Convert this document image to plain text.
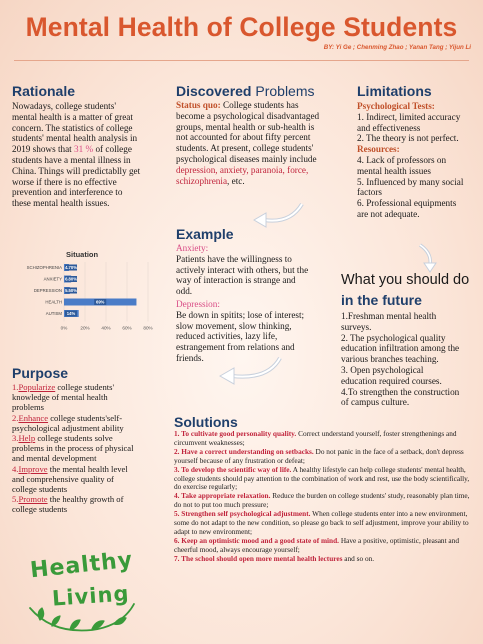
Mental Health of College Students
BY: Yi Ge ; Chenming Zhao ; Yanan Tang ; Yijun Li
Rationale
Nowadays, college students'
mental health is a matter of great
concern. The statistics of college
students' mental health analysis in
2019 shows that 31 % of college
students have a mental illness in
China. Things will predictablly get
worse if there is no effective
prevention and interference to
these mental health issues.
Situation
0%	20%	40%	60%	80%
SCHIZOPHRENIA 4.70%
ANXIETY 6.80%
DEPRESSION 5.50%
HEALTH	69%
AUTISM 14%
Purpose
1.Popularize college students'
knowledge of mental health
problems
2.Enhance college students'self-
psychological adjustment ability
3.Help college students solve
problems in the process of physical
and mental development
4.Improve the mental health level
and comprehensive quality of
college students
5.Promote the healthy growth of
college students
Discovered Problems
Status quo: College students has
become a psychological disadvantaged
groups, mental health or sub-health is
not accounted for about fifty percent
students. At present, college students'
psychological diseases mainly include
depression, anxiety, paranoia, force,
schizophrenia, etc.
Example
Anxiety:
Patients have the willingness to
actively interact with others, but the
way of interaction is strange and
odd.
Depression:
Be down in spitits; lose of interest;
slow movement, slow thinking,
reduced activities, lazy life,
estrangement from relations and
friends.
Limitations
Psychological Tests:
1. Indirect, limited accuracy
and effectiveness
2. The theory is not perfect.
Resources:
4. Lack of professors on
mental health issues
5. Influenced by many social
factors
6. Professional equipments
are not adequate.
What you should do
in the future
1.Freshman mental health
surveys.
2. The psychological quality
education infiltration among the
various branches teaching.
3. Open psychological
education required courses.
4.To strengthen the construction
of campus culture.
Solutions
1. To cultivate good personality quality. Correct understand yourself, foster strengthenings and circumvent weaknesses;
2. Have a correct understanding on setbacks. Do not panic in the face of a setback, don't depress yourself because of any frustration or defeat;
3. To develop the scientific way of life. A healthy lifestyle can help college students' mental health, college students should pay attention to the combination of work and rest, use the body scientifically, do exercise regularly;
4. Take appropriate relaxation. Reduce the burden on college students' study, reasonably plan time, do not to put too much pressure;
5. Strengthen self psychological adjustment. When college students enter into a new environment, some do not adapt to the new condition, so please go back to self adjustment, improve your ability to adapt to new environment;
6. Keep an optimistic mood and a good state of mind. Have a positive, optimistic, pleasant and cheerful mood, always encourage yourself;
7. The school should open more mental health lectures and so on.
Healthy
Living
